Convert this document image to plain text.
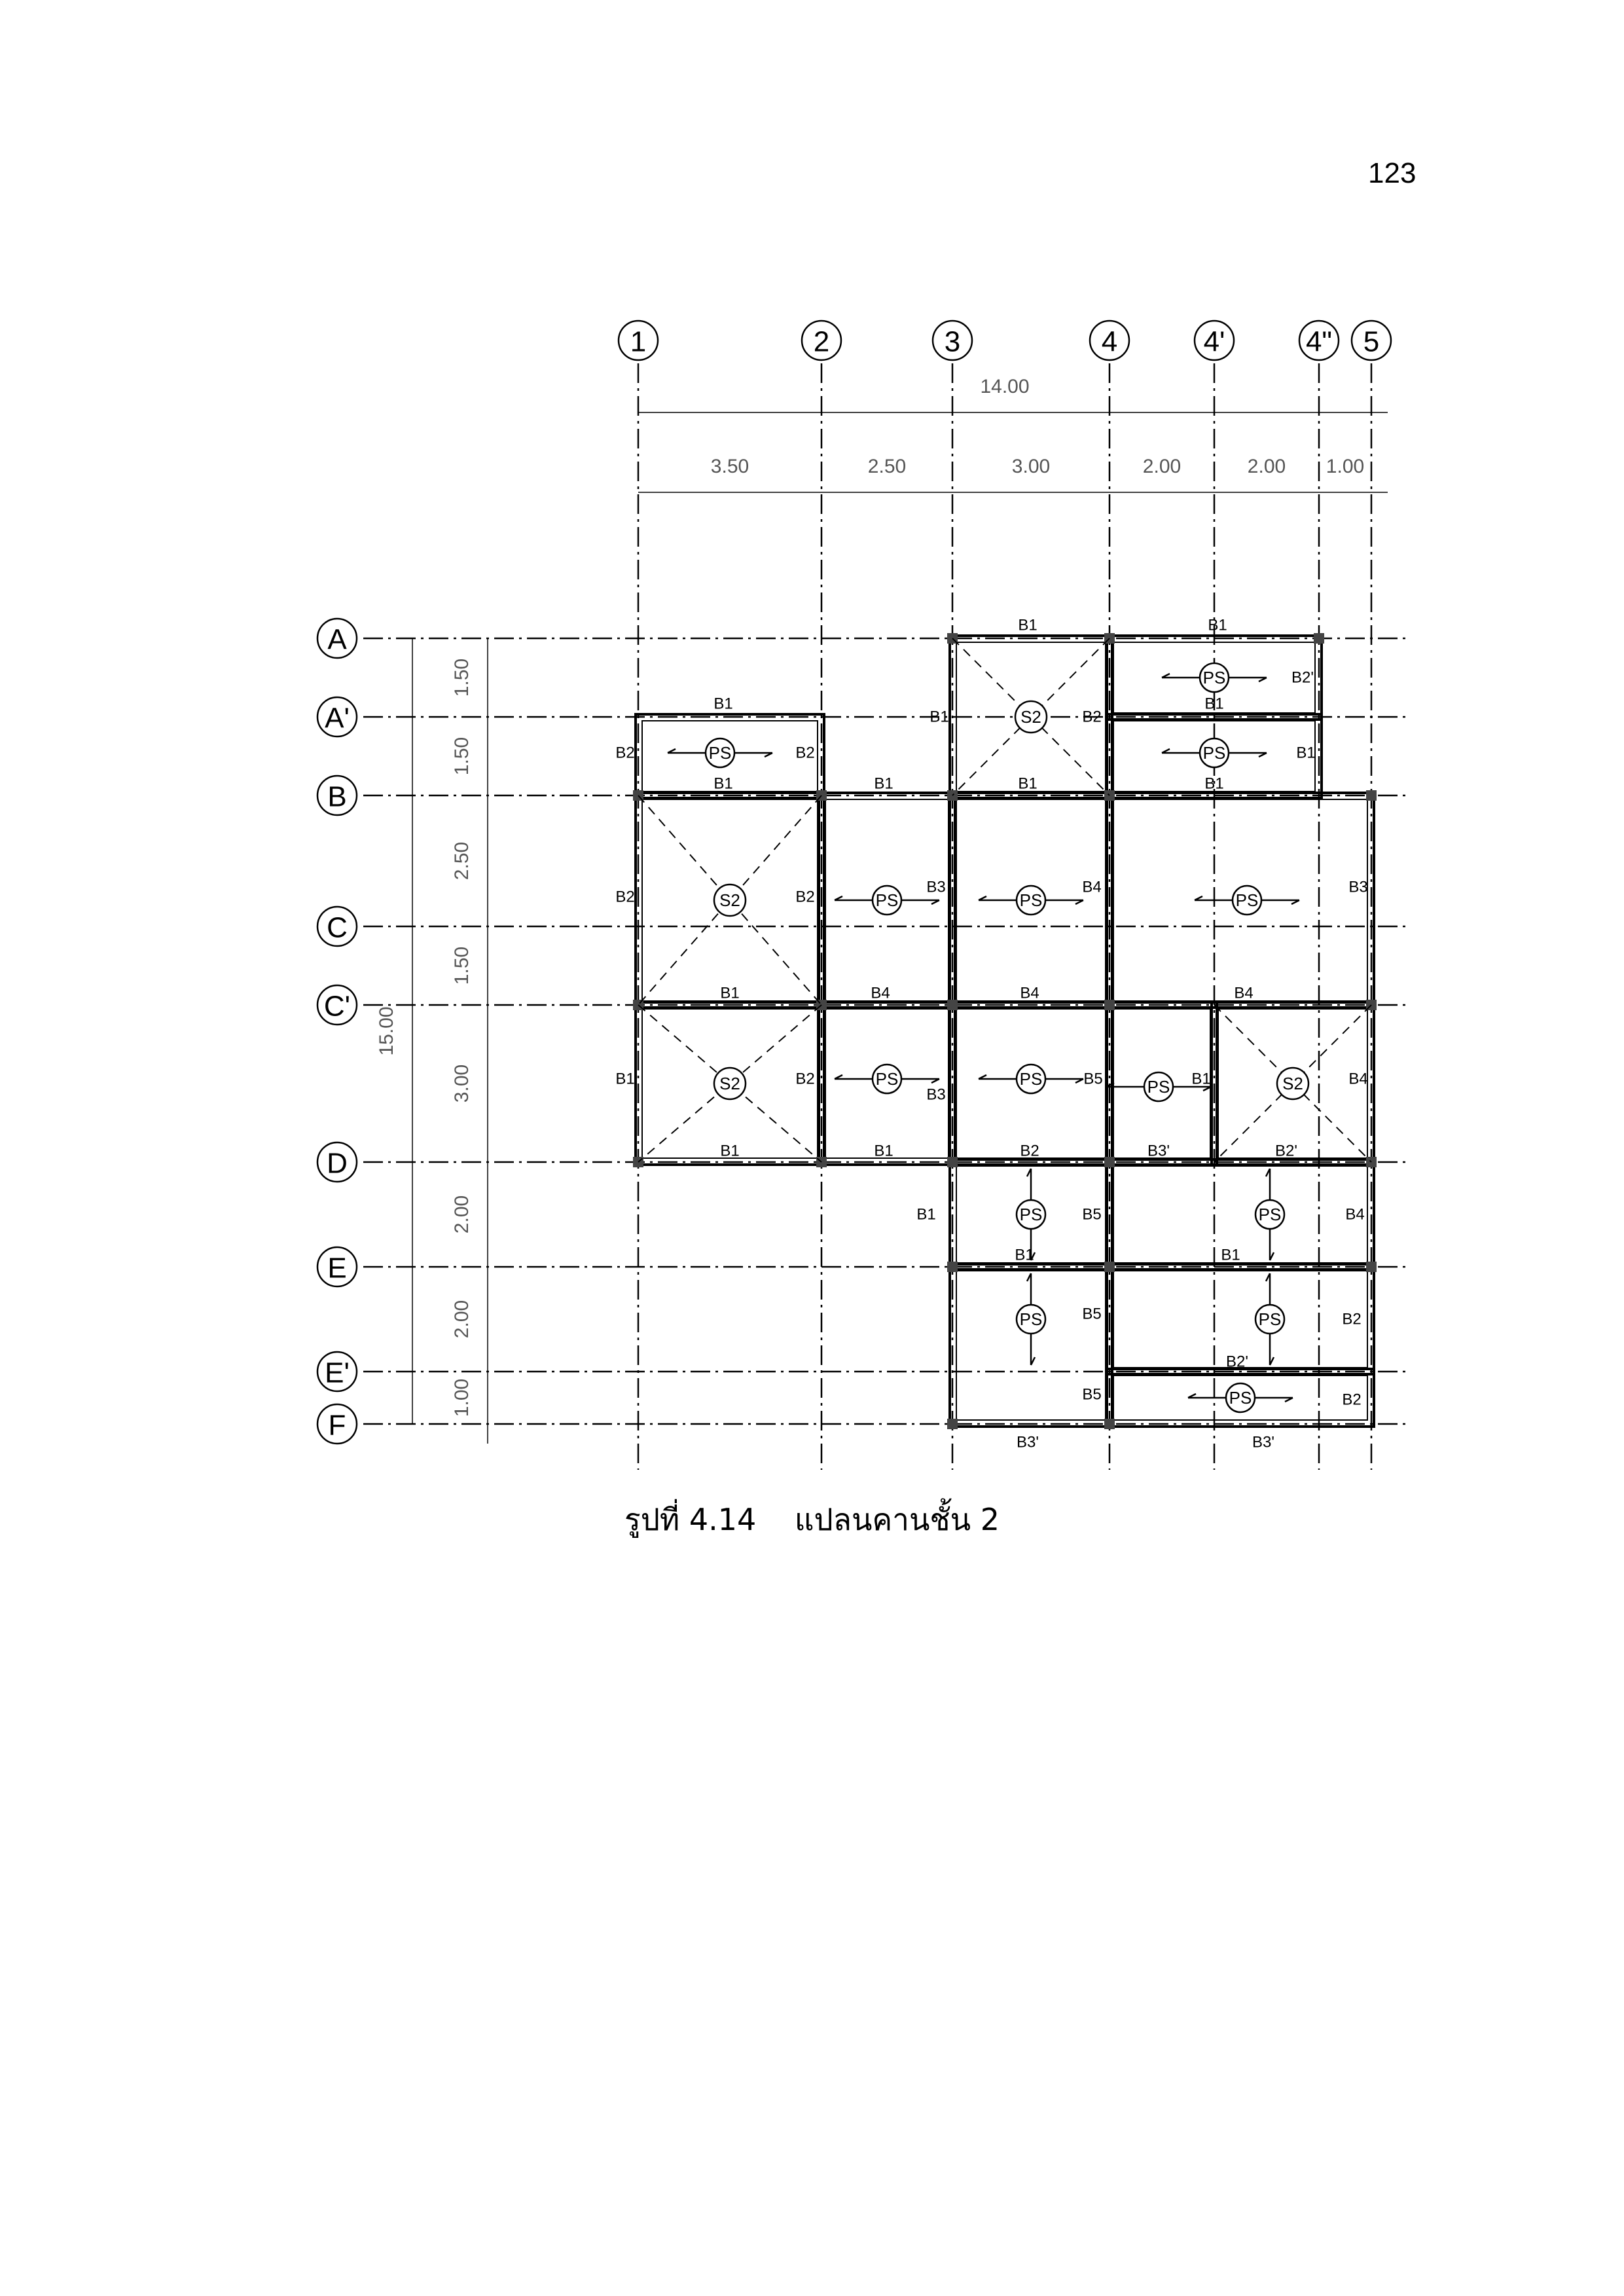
123
14.00
3.50	2.50	3.00	2.00	2.00 1.00
15.00
1.50
1.50
2.50
1.50
3.00
2.00
2.00
1.00
S2
S2
S2	S2
PS
PS
PS
PS	PS	PS
PS	PS	PS
PS	PS
PS	PS
PS
B1	B1
B2'
B1	B1
B1	B2
B2	B2	B1
B1	B1	B1	B1
B2	B2
B3	B4	B3
B1	B4	B4	B4
B1	B2
B3
B5	B1	B4
B1	B1	B2	B3'	B2'
B1	B5	B4
B1	B1
B5	B2
B2'
B5	B2
B3'	B3'
1	2	3	4	4'	4" 5
A
A'
B
C
C'
D
E
E'
F
รูปที่ 4.14 แปลนคานชั้น 2
